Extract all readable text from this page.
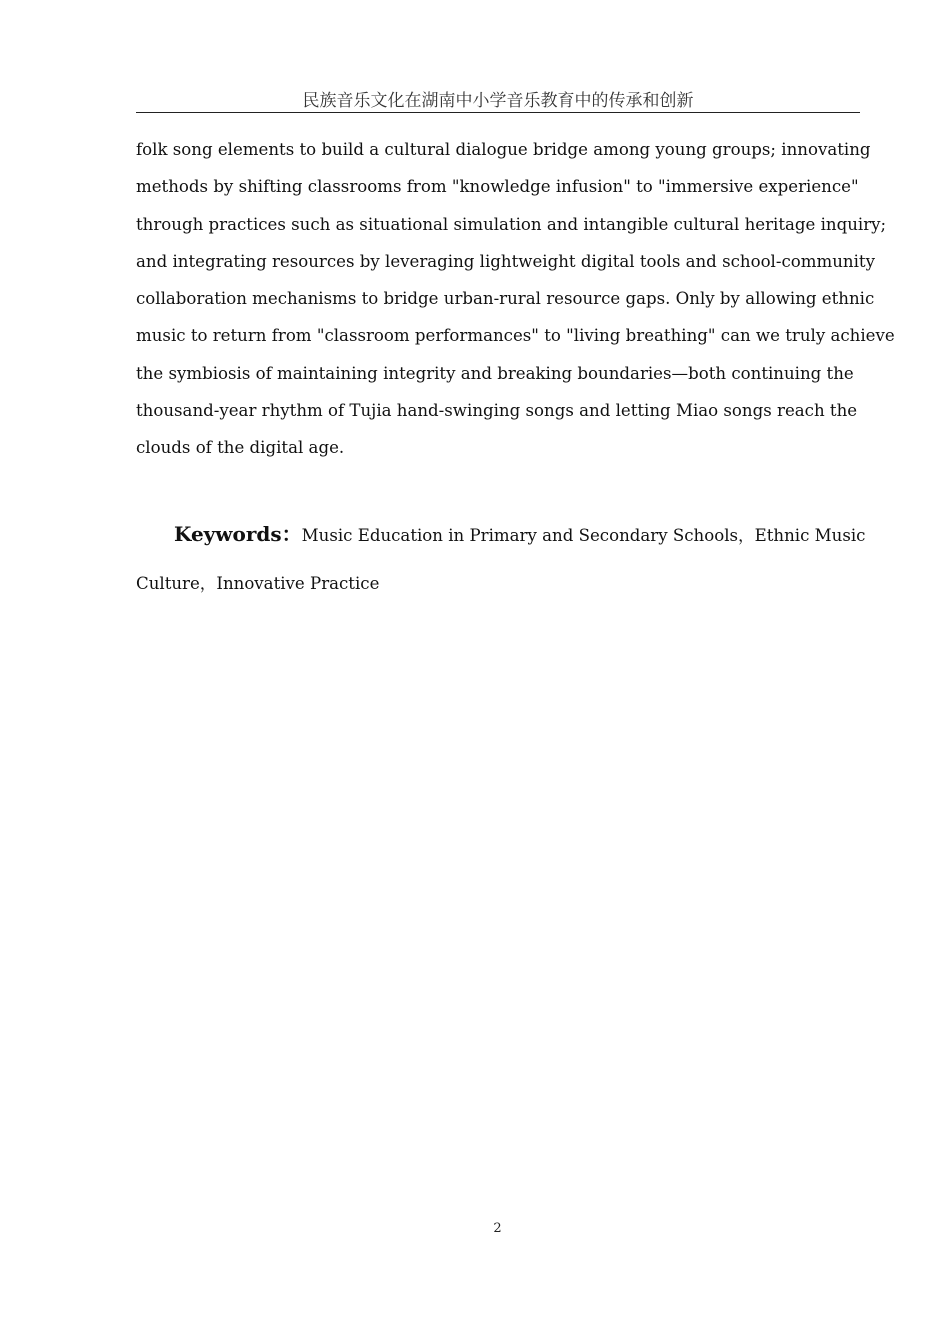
民族音乐文化在湖南中小学音乐教育中的传承和创新
folk song elements to build a cultural dialogue bridge among young groups; innovating
methods by shifting classrooms from "knowledge infusion" to "immersive experience"
through practices such as situational simulation and intangible cultural heritage inquiry;
and integrating resources by leveraging lightweight digital tools and school-community
collaboration mechanisms to bridge urban-rural resource gaps. Only by allowing ethnic
music to return from "classroom performances" to "living breathing" can we truly achieve
the symbiosis of maintaining integrity and breaking boundaries—both continuing the
thousand-year rhythm of Tujia hand-swinging songs and letting Miao songs reach the
clouds of the digital age.
Keywords：Music Education in Primary and Secondary Schools，Ethnic Music
Culture，Innovative Practice
2
